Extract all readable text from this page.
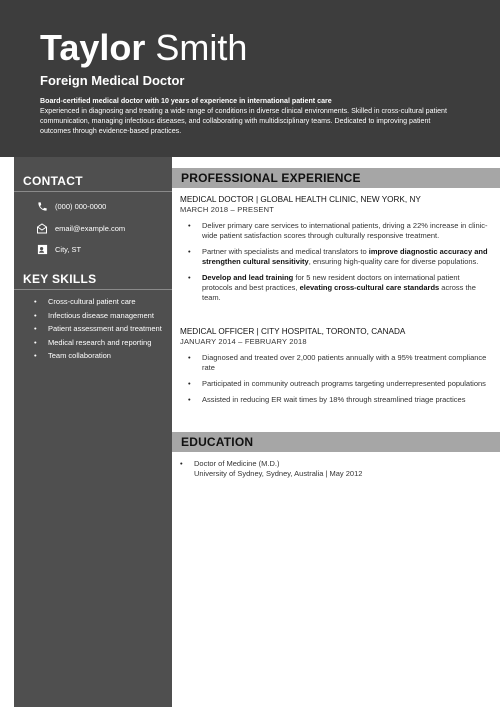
Taylor Smith
Foreign Medical Doctor
Board-certified medical doctor with 10 years of experience in international patient care
Experienced in diagnosing and treating a wide range of conditions in diverse clinical environments. Skilled in cross-cultural patient communication, managing infectious diseases, and collaborating with multidisciplinary teams. Dedicated to improving patient outcomes through evidence-based practices.
CONTACT
(000) 000-0000
email@example.com
City, ST
KEY SKILLS
• Cross-cultural patient care
• Infectious disease management
• Patient assessment and treatment
• Medical research and reporting
• Team collaboration
PROFESSIONAL EXPERIENCE
MEDICAL DOCTOR | GLOBAL HEALTH CLINIC, NEW YORK, NY
MARCH 2018 – PRESENT
• Deliver primary care services to international patients, driving a 22% increase in clinic-wide patient satisfaction scores through culturally responsive treatment.
• Partner with specialists and medical translators to improve diagnostic accuracy and strengthen cultural sensitivity, ensuring high-quality care for diverse populations.
• Develop and lead training for 5 new resident doctors on international patient protocols and best practices, elevating cross-cultural care standards across the team.
MEDICAL OFFICER | CITY HOSPITAL, TORONTO, CANADA
JANUARY 2014 – FEBRUARY 2018
• Diagnosed and treated over 2,000 patients annually with a 95% treatment compliance rate
• Participated in community outreach programs targeting underrepresented populations
• Assisted in reducing ER wait times by 18% through streamlined triage practices
EDUCATION
• Doctor of Medicine (M.D.)
University of Sydney, Sydney, Australia | May 2012
